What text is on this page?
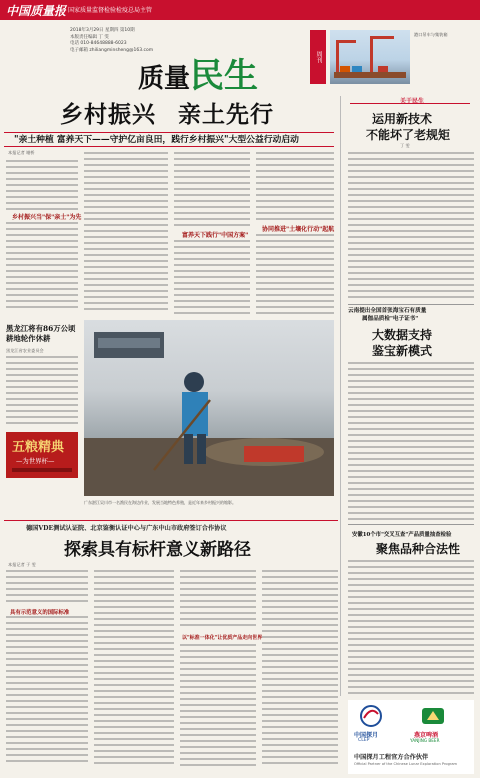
中国质量报 国家质量监督检验检疫总局主管
2018年3月29日 星期四 第10期
本版责任编辑 丁 雯
电话 010-84648888-6023
电子邮箱 zhiliangminsheng@163.com
质量民生	周刊
港口吊车与集装箱
乡村振兴 亲土先行
"亲土种植 富养天下——守护亿亩良田，践行乡村振兴"大型公益行动启动
本报记者 谢桥
乡村振兴当"保"亲土"为先
富养天下践行"中国方案"
协同推进"土壤化行动"起航
黑龙江将有86万公顷耕地轮作休耕
黑龙江省农业委员会
五粮精典
—为世界杯—
广东湛江吴川市一名渔民在海边作业，发展当地特色养殖，是近年来乡村振兴的缩影。
关于民生
运用新技术
不能坏了老规矩
丁 雯
云南提出全国首张海宝石有质量
属伽品质检"电子证书"
大数据支持
鉴宝新模式
安徽10个市"交叉互查"产品质量抽查检验
聚焦品种合法性
德国VDE测试认证院、北京鉴衡认证中心与广东中山市政府签订合作协议
探索具有标杆意义新路径
本报记者 于 雯
具有示范意义的国际标准
以"标准一体化"让优质产品走向世界
中国探月
CLEP
燕京啤酒
YANJING BEER
中国探月工程官方合作伙伴
Official Partner of the Chinese Lunar Exploration Program
